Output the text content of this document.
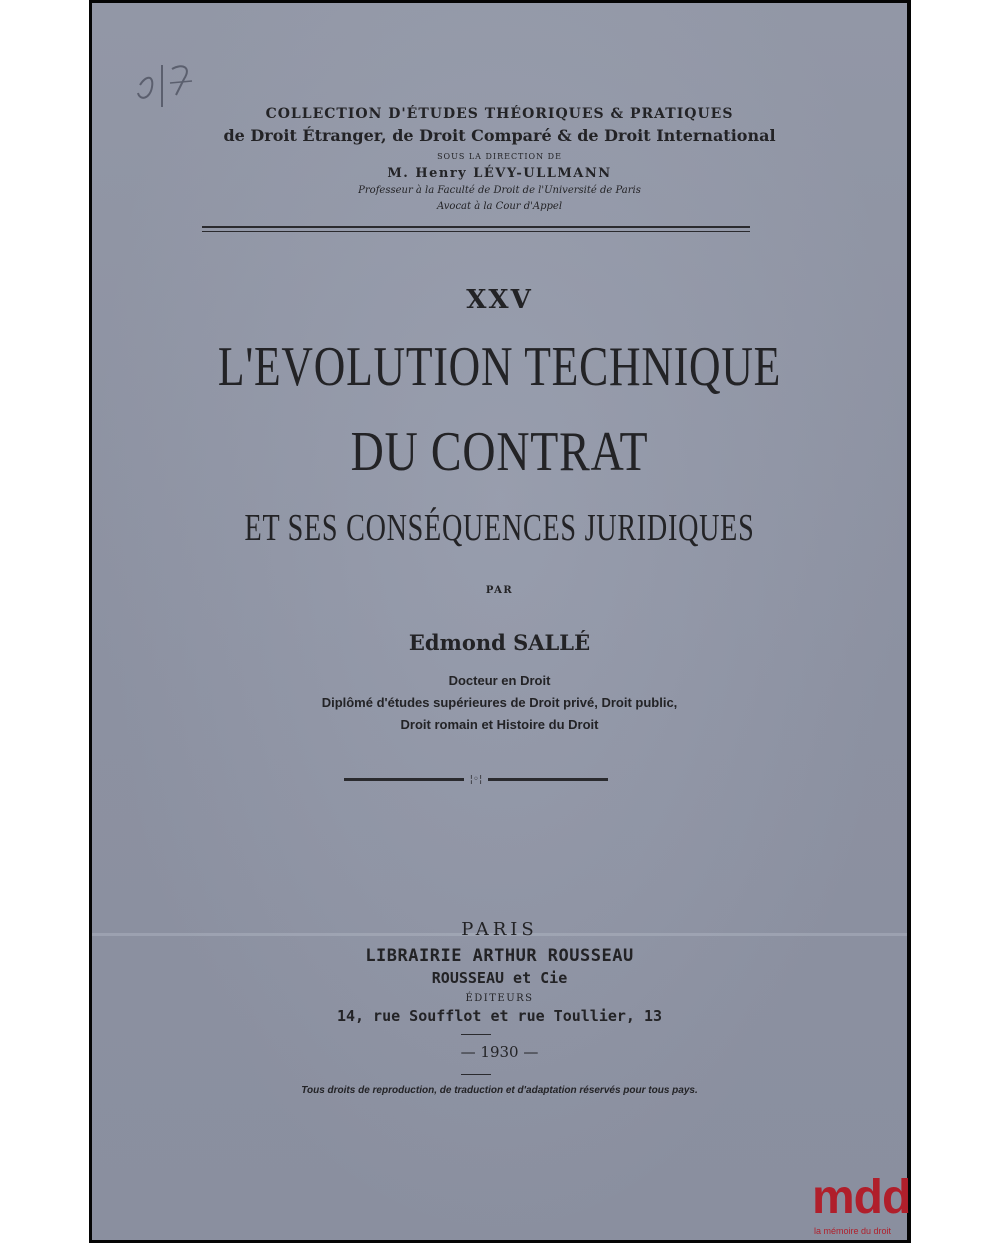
COLLECTION D'ÉTUDES THÉORIQUES & PRATIQUES
de Droit Étranger, de Droit Comparé & de Droit International
SOUS LA DIRECTION DE
M. Henry LÉVY-ULLMANN
Professeur à la Faculté de Droit de l'Université de Paris
Avocat à la Cour d'Appel
XXV
L'EVOLUTION TECHNIQUE
DU CONTRAT
ET SES CONSÉQUENCES JURIDIQUES
PAR
Edmond SALLÉ
Docteur en Droit
Diplômé d'études supérieures de Droit privé, Droit public,
Droit romain et Histoire du Droit
¦◦¦
PARIS
LIBRAIRIE ARTHUR ROUSSEAU
ROUSSEAU et Cie
ÉDITEURS
14, rue Soufflot et rue Toullier, 13
— 1930 —
Tous droits de reproduction, de traduction et d'adaptation réservés pour tous pays.
mdd
la mémoire du droit
